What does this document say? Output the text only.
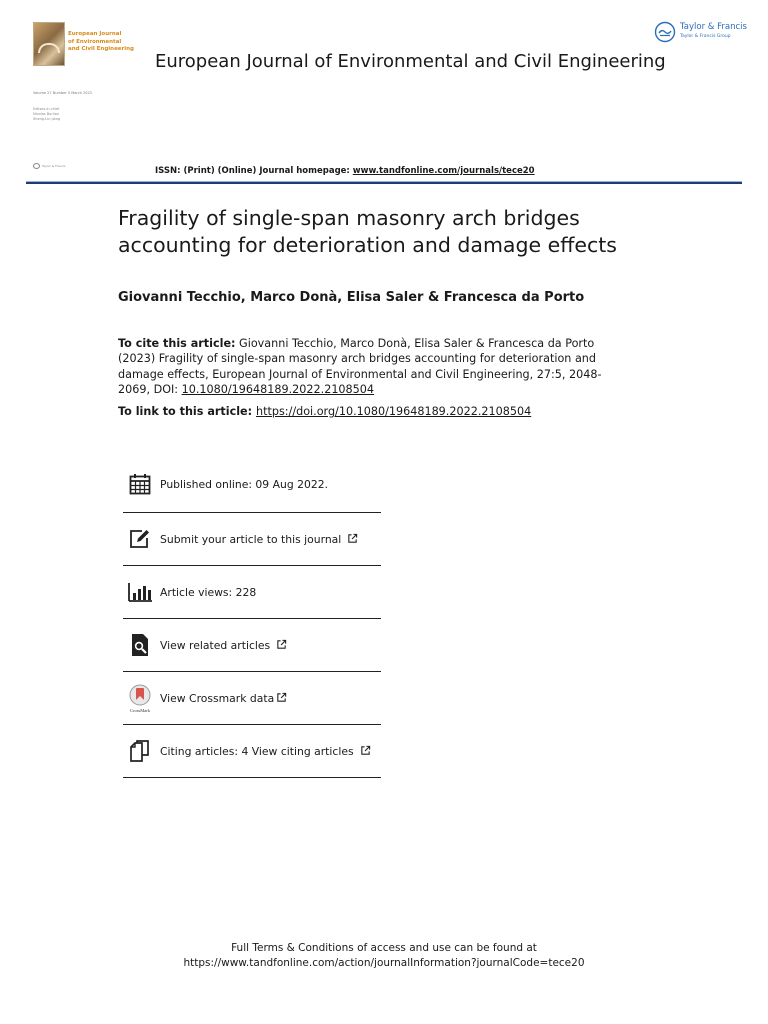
European Journal
of Environmental
and Civil Engineering
Volume 27 Number 5 March 2023
Editors-in-chief
Nicolas Burlion
Sheng-Lin Jiang
Taylor & Francis
Taylor & Francis
Taylor & Francis Group
European Journal of Environmental and Civil Engineering
ISSN: (Print) (Online) Journal homepage: www.tandfonline.com/journals/tece20
Fragility of single-span masonry arch bridges accounting for deterioration and damage effects
Giovanni Tecchio, Marco Donà, Elisa Saler & Francesca da Porto
To cite this article: Giovanni Tecchio, Marco Donà, Elisa Saler & Francesca da Porto (2023) Fragility of single-span masonry arch bridges accounting for deterioration and damage effects, European Journal of Environmental and Civil Engineering, 27:5, 2048-2069, DOI: 10.1080/19648189.2022.2108504
To link to this article: https://doi.org/10.1080/19648189.2022.2108504
Published online: 09 Aug 2022.
Submit your article to this journal
Article views: 228
View related articles
CrossMark
View Crossmark data
Citing articles: 4 View citing articles
Full Terms & Conditions of access and use can be found at
https://www.tandfonline.com/action/journalInformation?journalCode=tece20
